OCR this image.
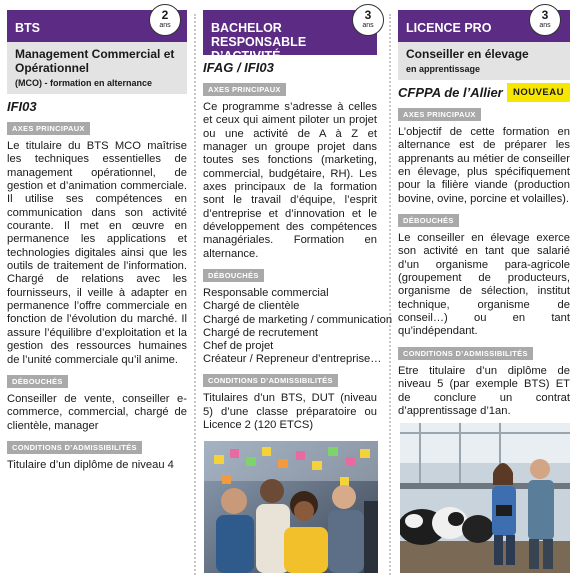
BTS
2
ans
Management Commercial et Opérationnel
(MCO) - formation en alternance
IFI03
AXES PRINCIPAUX
Le titulaire du BTS MCO maîtrise les techniques essentielles de management opérationnel, de gestion et d’animation commerciale. Il utilise ses compétences en communication dans son activité courante. Il met en œuvre en permanence les applications et technologies digitales ainsi que les outils de traitement de l’information. Chargé de relations avec les fournisseurs, il veille à adapter en permanence l’offre commerciale en fonction de l’évolution du marché. Il assure l’équilibre d’exploitation et la gestion des ressources humaines de l’unité commerciale qu’il anime.
DÉBOUCHÉS
Conseiller de vente, conseiller e-commerce, commercial, chargé de clientèle, manager
CONDITIONS D’ADMISSIBILITÉS
Titulaire d’un diplôme de niveau 4
BACHELOR RESPONSABLE D’ACTIVITÉ
3
ans
IFAG / IFI03
AXES PRINCIPAUX
Ce programme s’adresse à celles et ceux qui aiment piloter un projet ou une activité de A à Z et manager un groupe projet dans toutes ses fonctions (marketing, commercial, budgétaire, RH). Les axes principaux de la formation sont le travail d’équipe, l’esprit d’entreprise et d’innovation et le développement des compétences managériales. Formation en alternance.
DÉBOUCHÉS
Responsable commercial
Chargé de clientèle
Chargé de marketing / communication
Chargé de recrutement
Chef de projet
Créateur / Repreneur d’entreprise…
CONDITIONS D’ADMISSIBILITÉS
Titulaires d’un BTS, DUT (niveau 5) d’une classe préparatoire ou Licence 2 (120 ETCS)
LICENCE PRO
3
ans
Conseiller en élevage
en apprentissage
CFPPA de l’Allier	NOUVEAU
AXES PRINCIPAUX
L’objectif de cette formation en alternance est de préparer les apprenants au métier de conseiller en élevage, plus spécifiquement pour la filière viande (production bovine, ovine, porcine et volailles).
DÉBOUCHÉS
Le conseiller en élevage exerce son activité en tant que salarié d’un organisme para-agricole (groupement de producteurs, organisme de sélection, institut technique, organisme de conseil…) ou en tant qu’indépendant.
CONDITIONS D’ADMISSIBILITÉS
Etre titulaire d’un diplôme de niveau 5 (par exemple BTS) ET de conclure un contrat d’apprentissage d’1an.
